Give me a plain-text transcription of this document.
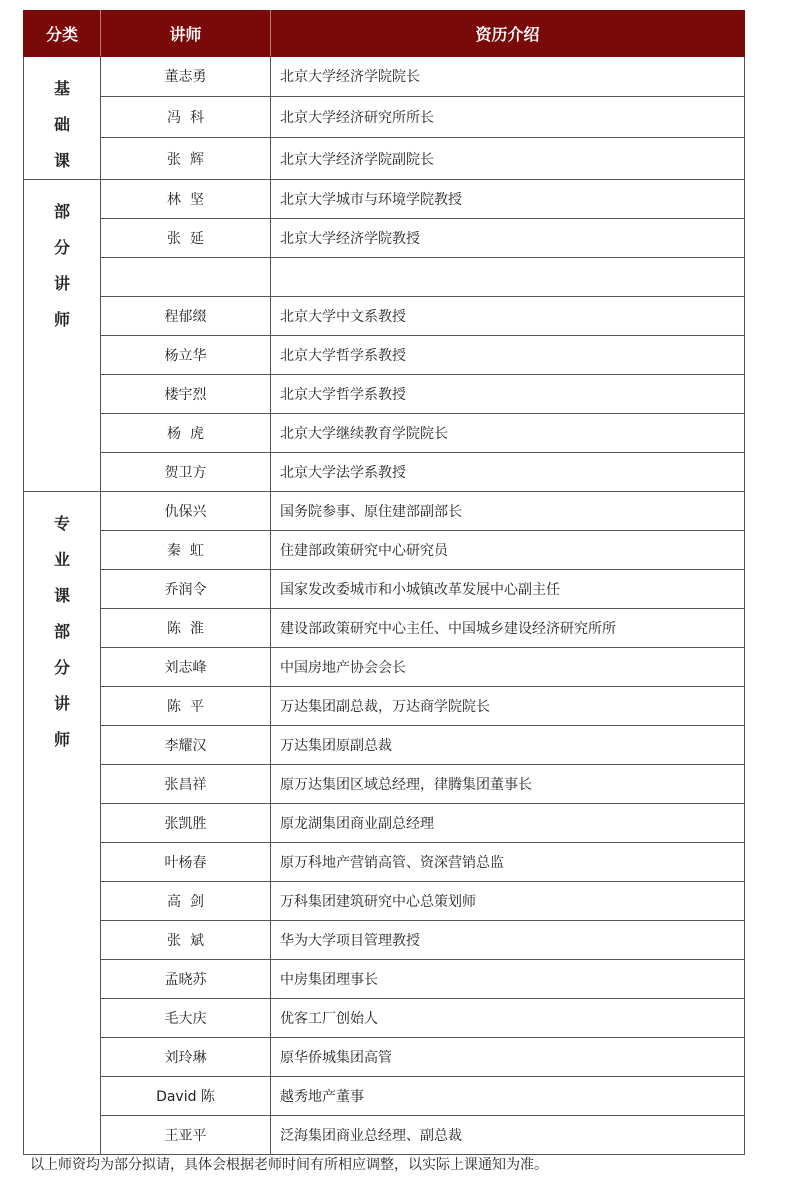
分类	讲师	资历介绍

基础课	董志勇	北京大学经济学院院长
	冯  科	北京大学经济研究所所长
	张  辉	北京大学经济学院副院长

部分讲师	林  坚	北京大学城市与环境学院教授
	张  延	北京大学经济学院教授

	程郁缀	北京大学中文系教授
	杨立华	北京大学哲学系教授
	楼宇烈	北京大学哲学系教授
	杨  虎	北京大学继续教育学院院长
	贺卫方	北京大学法学系教授

专业课部分讲师	仇保兴	国务院参事、原住建部副部长
	秦  虹	住建部政策研究中心研究员
	乔润令	国家发改委城市和小城镇改革发展中心副主任
	陈  淮	建设部政策研究中心主任、中国城乡建设经济研究所所
	刘志峰	中国房地产协会会长
	陈  平	万达集团副总裁，万达商学院院长
	李耀汉	万达集团原副总裁
	张昌祥	原万达集团区域总经理，律腾集团董事长
	张凯胜	原龙湖集团商业副总经理
	叶杨春	原万科地产营销高管、资深营销总监
	高  剑	万科集团建筑研究中心总策划师
	张  斌	华为大学项目管理教授
	孟晓苏	中房集团理事长
	毛大庆	优客工厂创始人
	刘玲琳	原华侨城集团高管
	David 陈	越秀地产董事
	王亚平	泛海集团商业总经理、副总裁
以上师资均为部分拟请，具体会根据老师时间有所相应调整，以实际上课通知为准。
